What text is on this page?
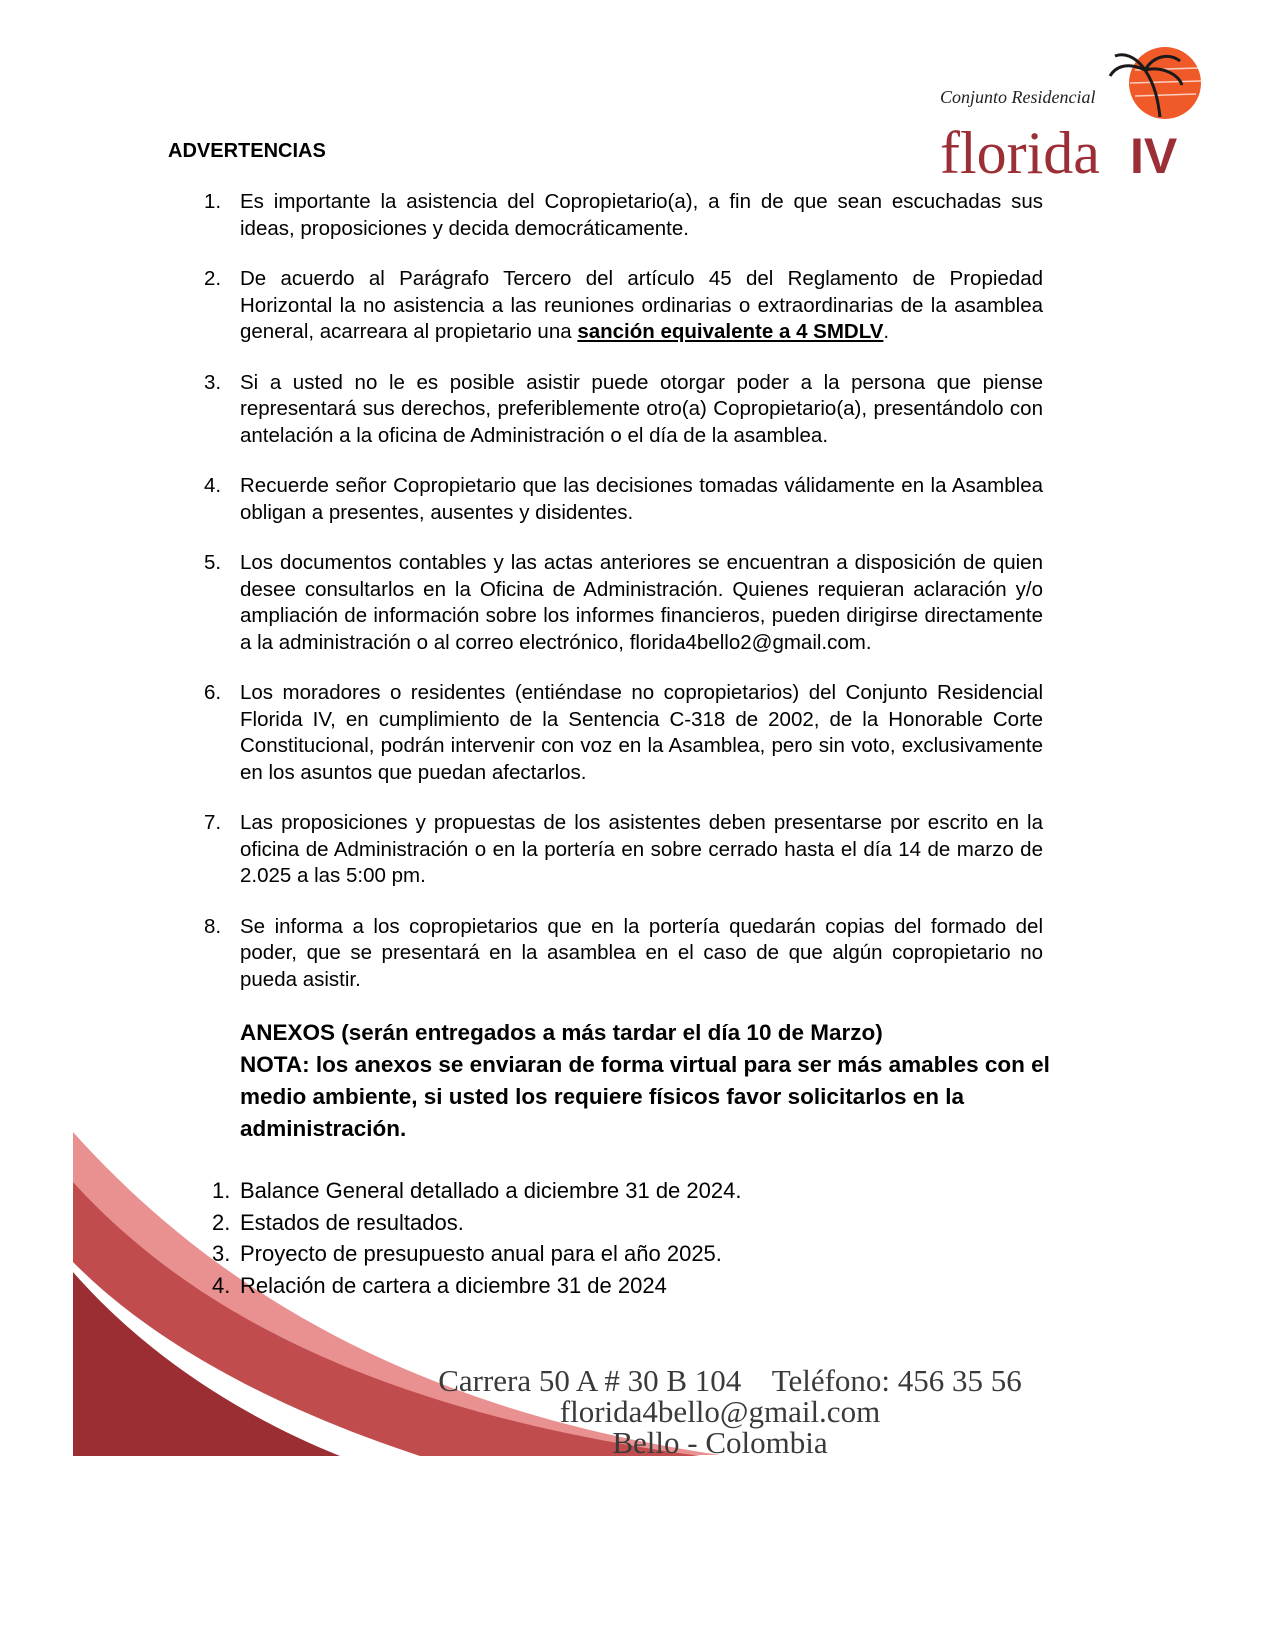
Conjunto Residencial
florida IV
ADVERTENCIAS
1. Es importante la asistencia del Copropietario(a), a fin de que sean escuchadas sus ideas, proposiciones y decida democráticamente.
2. De acuerdo al Parágrafo Tercero del artículo 45 del Reglamento de Propiedad Horizontal la no asistencia a las reuniones ordinarias o extraordinarias de la asamblea general, acarreara al propietario una sanción equivalente a 4 SMDLV.
3. Si a usted no le es posible asistir puede otorgar poder a la persona que piense representará sus derechos, preferiblemente otro(a) Copropietario(a), presentándolo con antelación a la oficina de Administración o el día de la asamblea.
4. Recuerde señor Copropietario que las decisiones tomadas válidamente en la Asamblea obligan a presentes, ausentes y disidentes.
5. Los documentos contables y las actas anteriores se encuentran a disposición de quien desee consultarlos en la Oficina de Administración. Quienes requieran aclaración y/o ampliación de información sobre los informes financieros, pueden dirigirse directamente a la administración o al correo electrónico, florida4bello2@gmail.com.
6. Los moradores o residentes (entiéndase no copropietarios) del Conjunto Residencial Florida IV, en cumplimiento de la Sentencia C-318 de 2002, de la Honorable Corte Constitucional, podrán intervenir con voz en la Asamblea, pero sin voto, exclusivamente en los asuntos que puedan afectarlos.
7. Las proposiciones y propuestas de los asistentes deben presentarse por escrito en la oficina de Administración o en la portería en sobre cerrado hasta el día 14 de marzo de 2.025 a las 5:00 pm.
8. Se informa a los copropietarios que en la portería quedarán copias del formado del poder, que se presentará en la asamblea en el caso de que algún copropietario no pueda asistir.
ANEXOS (serán entregados a más tardar el día 10 de Marzo)
NOTA: los anexos se enviaran de forma virtual para ser más amables con el medio ambiente, si usted los requiere físicos favor solicitarlos en la administración.
1. Balance General detallado a diciembre 31 de 2024.
2. Estados de resultados.
3. Proyecto de presupuesto anual para el año 2025.
4. Relación de cartera a diciembre 31 de 2024
Carrera 50 A # 30 B 104    Teléfono: 456 35 56
florida4bello@gmail.com
Bello - Colombia
